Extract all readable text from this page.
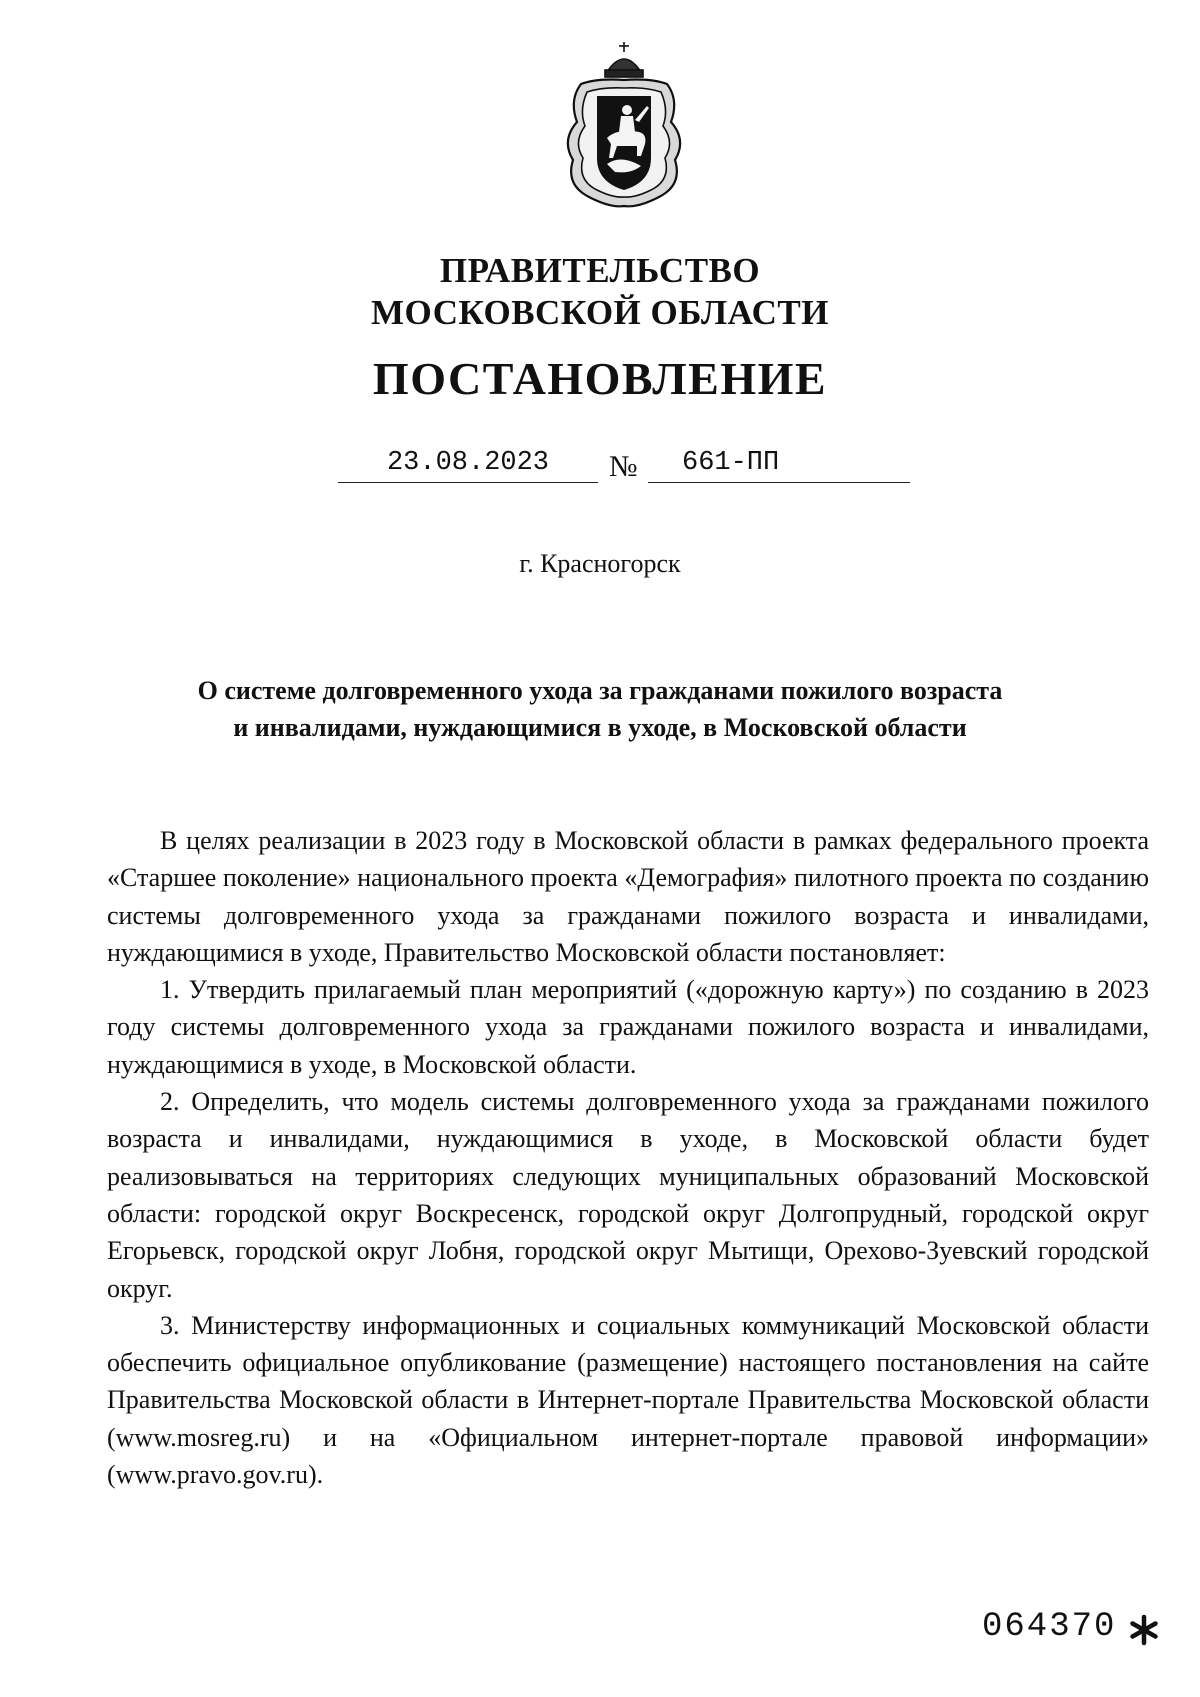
ПРАВИТЕЛЬСТВО
МОСКОВСКОЙ ОБЛАСТИ
ПОСТАНОВЛЕНИЕ
23.08.2023	№	661-ПП
г. Красногорск
О системе долговременного ухода за гражданами пожилого возраста
и инвалидами, нуждающимися в уходе, в Московской области

В целях реализации в 2023 году в Московской области в рамках федерального проекта «Старшее поколение» национального проекта «Демография» пилотного проекта по созданию системы долговременного ухода за гражданами пожилого возраста и инвалидами, нуждающимися в уходе, Правительство Московской области постановляет:

1. Утвердить прилагаемый план мероприятий («дорожную карту») по созданию в 2023 году системы долговременного ухода за гражданами пожилого возраста и инвалидами, нуждающимися в уходе, в Московской области.

2. Определить, что модель системы долговременного ухода за гражданами пожилого возраста и инвалидами, нуждающимися в уходе, в Московской области будет реализовываться на территориях следующих муниципальных образований Московской области: городской округ Воскресенск, городской округ Долгопрудный, городской округ Егорьевск, городской округ Лобня, городской округ Мытищи, Орехово-Зуевский городской округ.

3. Министерству информационных и социальных коммуникаций Московской области обеспечить официальное опубликование (размещение) настоящего постановления на сайте Правительства Московской области в Интернет-портале Правительства Московской области (www.mosreg.ru) и на «Официальном интернет-портале правовой информации» (www.pravo.gov.ru).

064370
